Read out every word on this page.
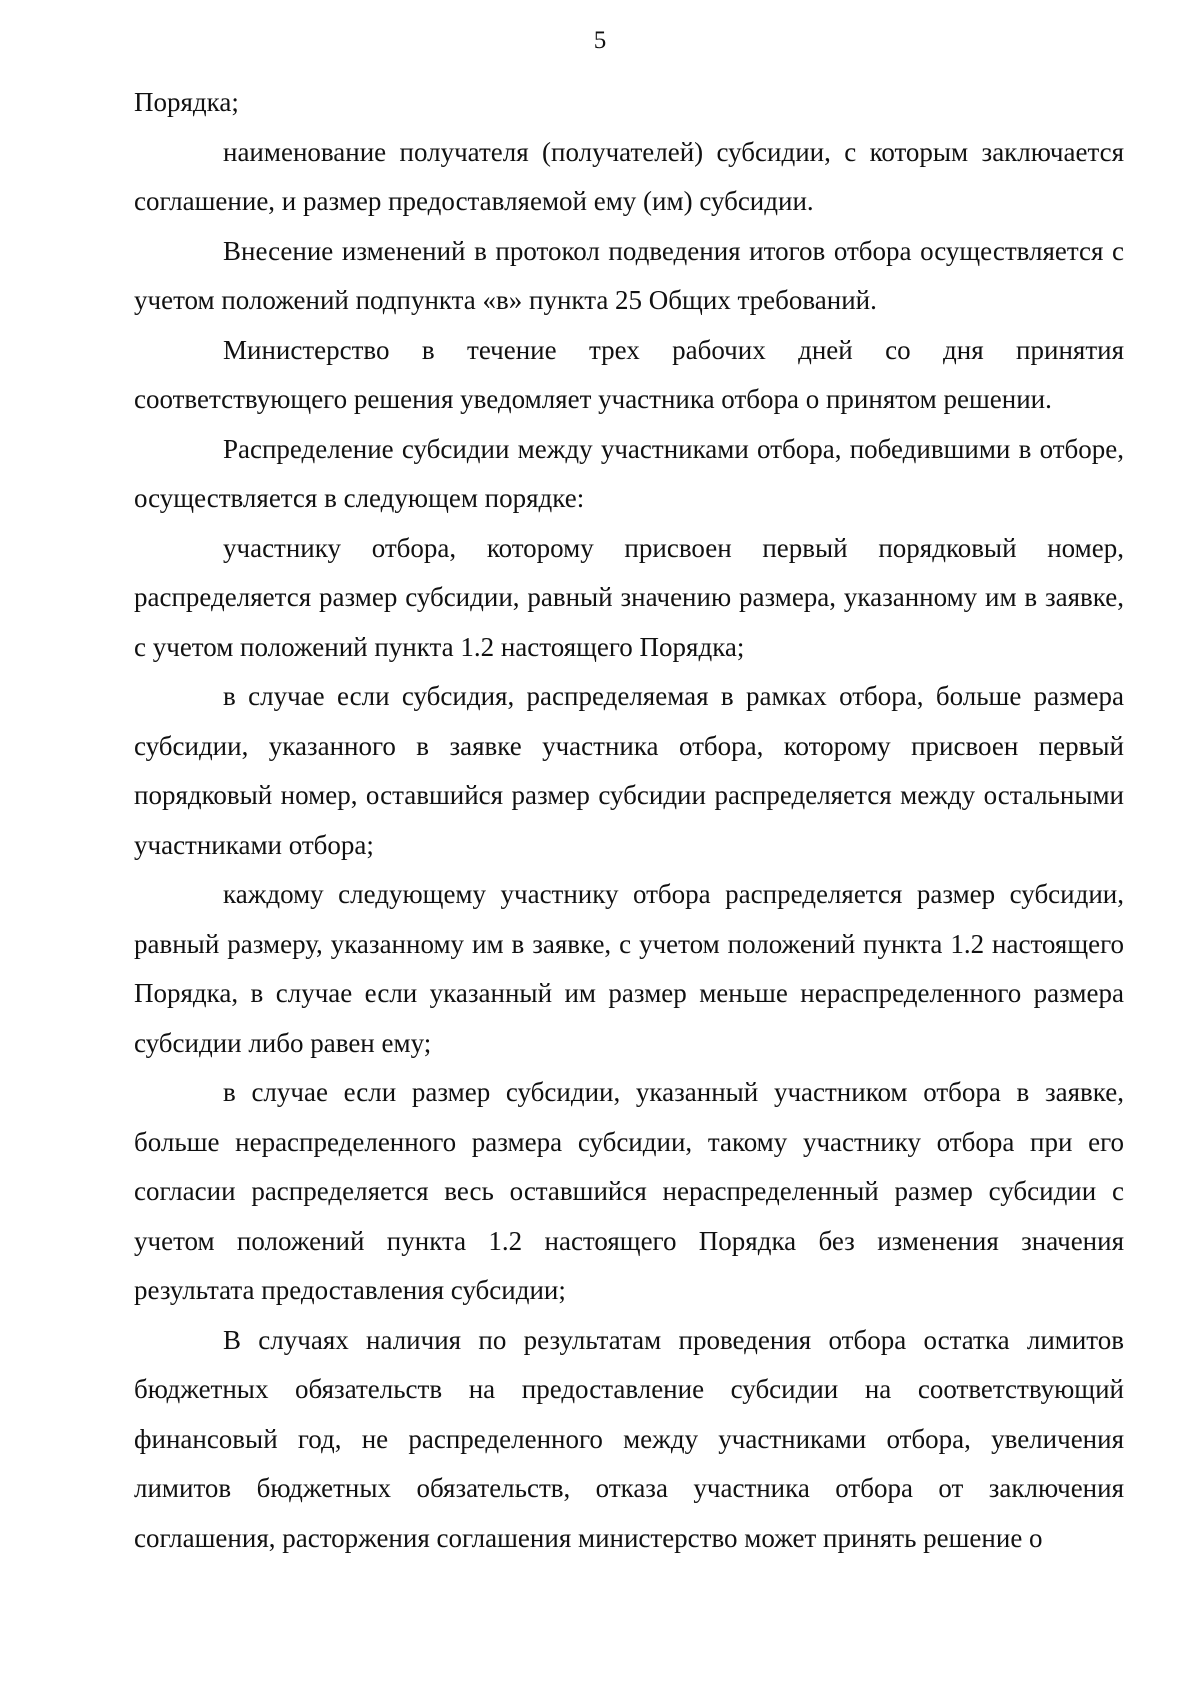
5

Порядка;

наименование получателя (получателей) субсидии, с которым заключается соглашение, и размер предоставляемой ему (им) субсидии.

Внесение изменений в протокол подведения итогов отбора осуществляется с учетом положений подпункта «в» пункта 25 Общих требований.

Министерство в течение трех рабочих дней со дня принятия соответствующего решения уведомляет участника отбора о принятом решении.

Распределение субсидии между участниками отбора, победившими в отборе, осуществляется в следующем порядке:

участнику отбора, которому присвоен первый порядковый номер, распределяется размер субсидии, равный значению размера, указанному им в заявке, с учетом положений пункта 1.2 настоящего Порядка;

в случае если субсидия, распределяемая в рамках отбора, больше размера субсидии, указанного в заявке участника отбора, которому присвоен первый порядковый номер, оставшийся размер субсидии распределяется между остальными участниками отбора;

каждому следующему участнику отбора распределяется размер субсидии, равный размеру, указанному им в заявке, с учетом положений пункта 1.2 настоящего Порядка, в случае если указанный им размер меньше нераспределенного размера субсидии либо равен ему;

в случае если размер субсидии, указанный участником отбора в заявке, больше нераспределенного размера субсидии, такому участнику отбора при его согласии распределяется весь оставшийся нераспределенный размер субсидии с учетом положений пункта 1.2 настоящего Порядка без изменения значения результата предоставления субсидии;

В случаях наличия по результатам проведения отбора остатка лимитов бюджетных обязательств на предоставление субсидии на соответствующий финансовый год, не распределенного между участниками отбора, увеличения лимитов бюджетных обязательств, отказа участника отбора от заключения соглашения, расторжения соглашения министерство может принять решение о
